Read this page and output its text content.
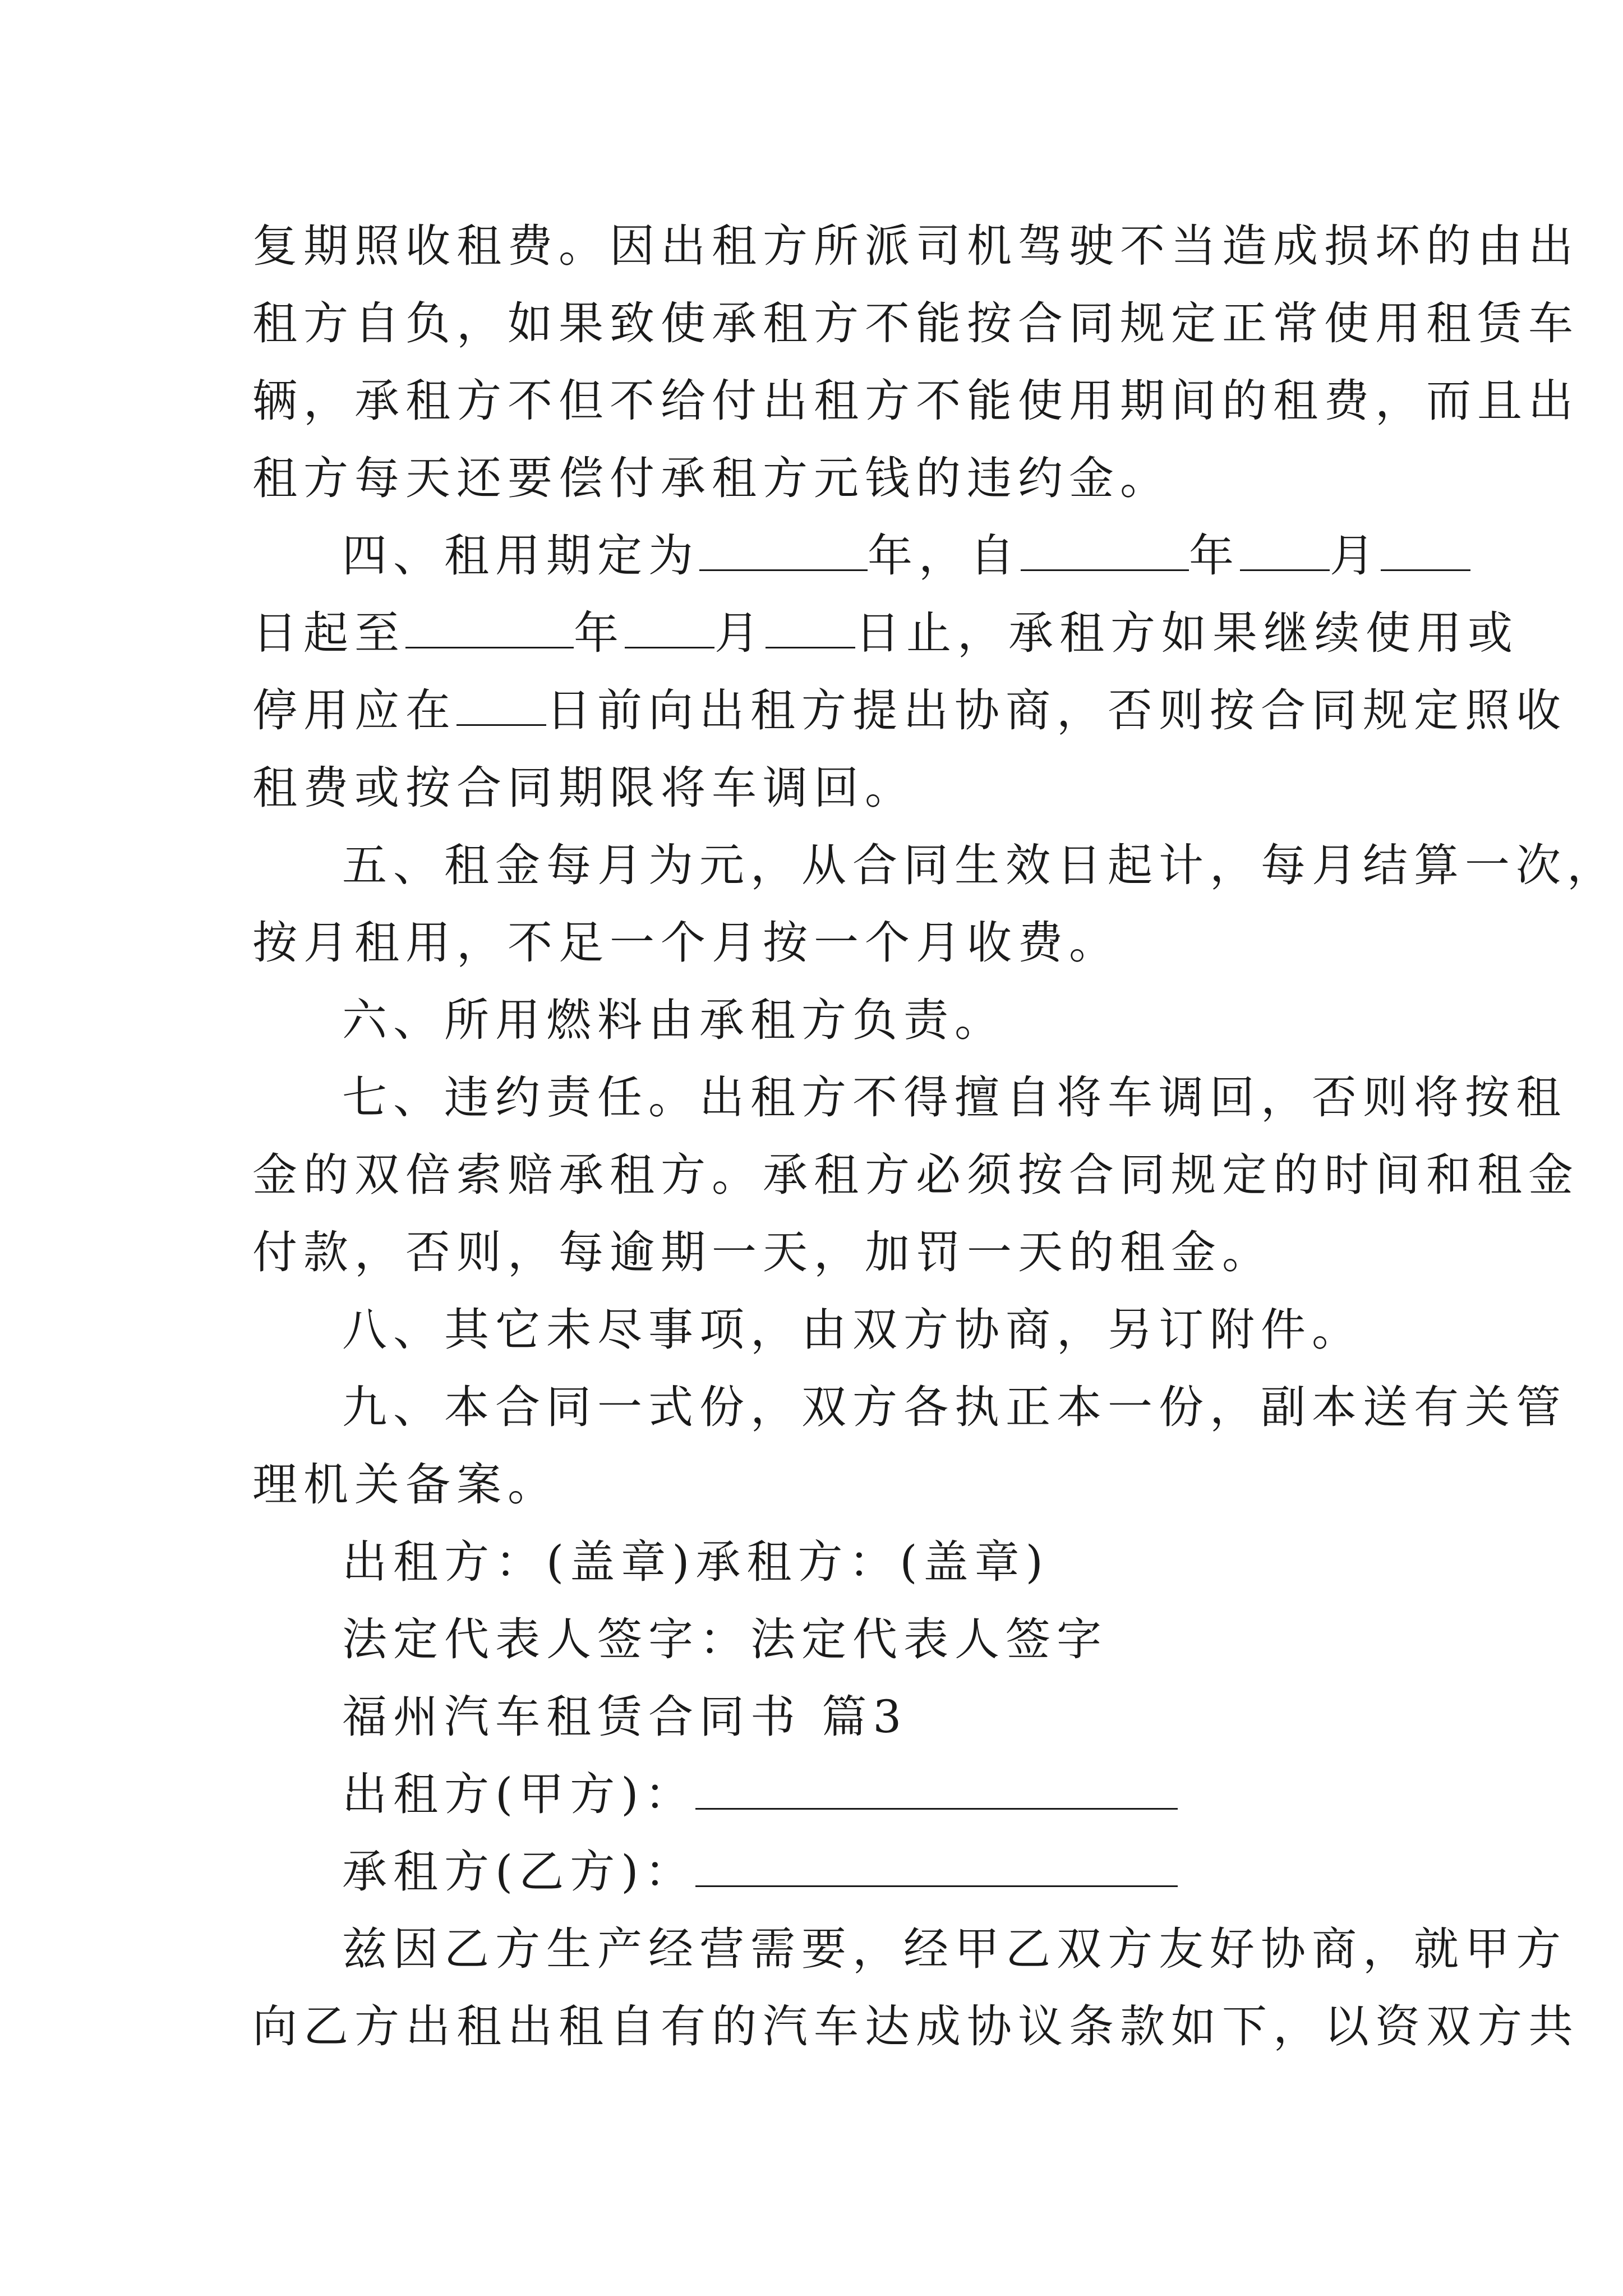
复期照收租费。因出租方所派司机驾驶不当造成损坏的由出
租方自负，如果致使承租方不能按合同规定正常使用租赁车
辆，承租方不但不给付出租方不能使用期间的租费，而且出
租方每天还要偿付承租方元钱的违约金。
四、租用期定为	年，自	年 月
日起至	年 月 日止，承租方如果继续使用或
停用应在 日前向出租方提出协商，否则按合同规定照收
租费或按合同期限将车调回。
五、租金每月为元，从合同生效日起计，每月结算一次，
按月租用，不足一个月按一个月收费。
六、所用燃料由承租方负责。
七、违约责任。出租方不得擅自将车调回，否则将按租
金的双倍索赔承租方。承租方必须按合同规定的时间和租金
付款，否则，每逾期一天，加罚一天的租金。
八、其它未尽事项，由双方协商，另订附件。
九、本合同一式份，双方各执正本一份，副本送有关管
理机关备案。
出租方：(盖章)承租方：(盖章)
法定代表人签字：法定代表人签字
福州汽车租赁合同书 篇3
出租方(甲方)：
承租方(乙方)：
兹因乙方生产经营需要，经甲乙双方友好协商，就甲方
向乙方出租出租自有的汽车达成协议条款如下，以资双方共
